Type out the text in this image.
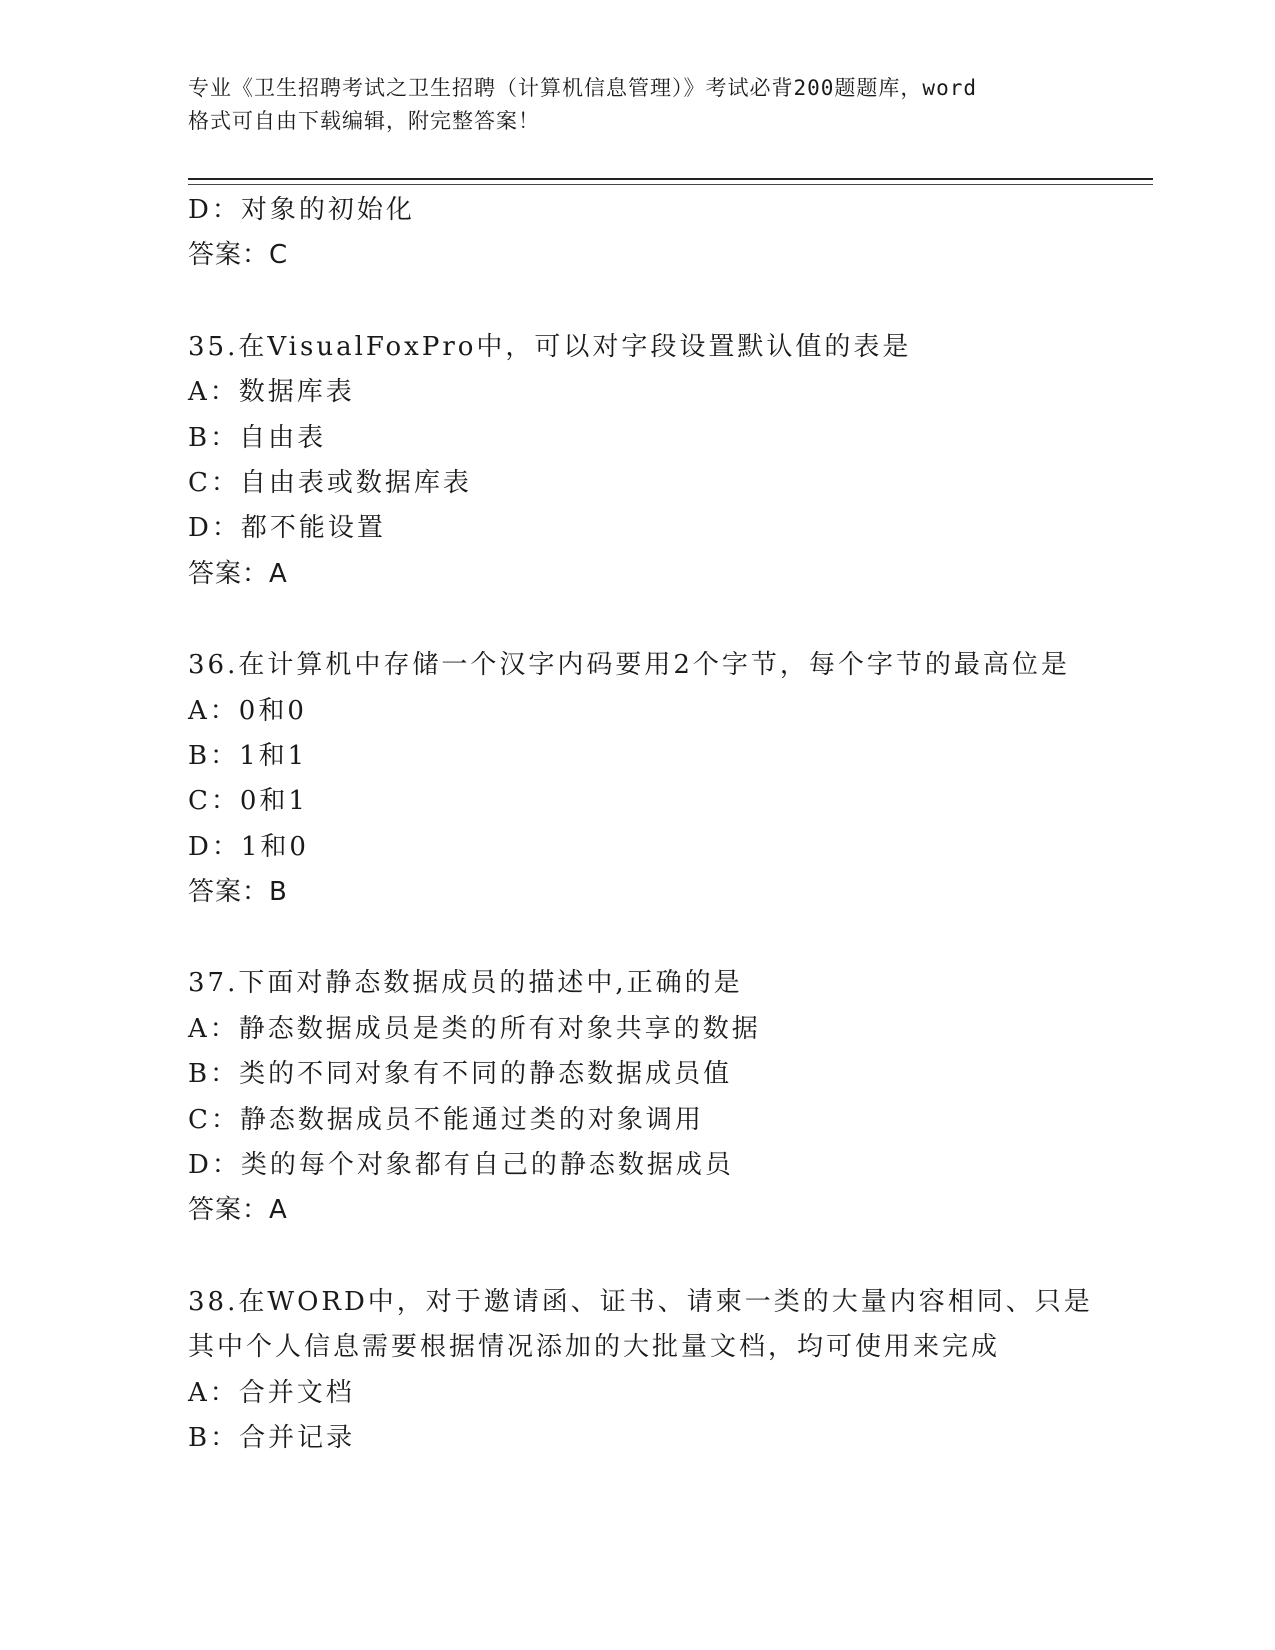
专业《卫生招聘考试之卫生招聘（计算机信息管理）》考试必背200题题库，word
格式可自由下载编辑，附完整答案！
D：对象的初始化
答案：C
35.在VisualFoxPro中，可以对字段设置默认值的表是
A：数据库表
B：自由表
C：自由表或数据库表
D：都不能设置
答案：A
36.在计算机中存储一个汉字内码要用2个字节，每个字节的最高位是
A：0和0
B：1和1
C：0和1
D：1和0
答案：B
37.下面对静态数据成员的描述中,正确的是
A：静态数据成员是类的所有对象共享的数据
B：类的不同对象有不同的静态数据成员值
C：静态数据成员不能通过类的对象调用
D：类的每个对象都有自己的静态数据成员
答案：A
38.在WORD中，对于邀请函、证书、请柬一类的大量内容相同、只是
其中个人信息需要根据情况添加的大批量文档，均可使用来完成
A：合并文档
B：合并记录
